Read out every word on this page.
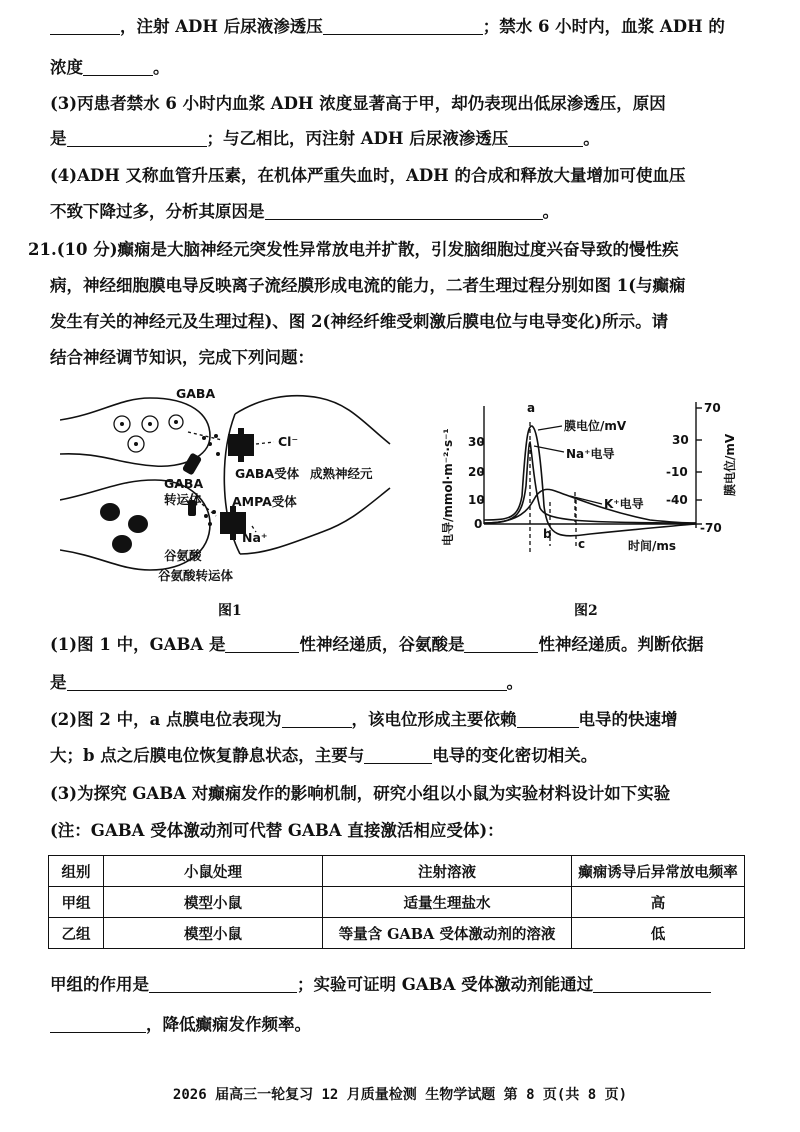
，注射 ADH 后尿液渗透压	；禁水 6 小时内，血浆 ADH 的
浓度	。
(3)丙患者禁水 6 小时内血浆 ADH 浓度显著高于甲，却仍表现出低尿渗透压，原因
是	；与乙相比，丙注射 ADH 后尿液渗透压	。
(4)ADH 又称血管升压素，在机体严重失血时，ADH 的合成和释放大量增加可使血压
不致下降过多，分析其原因是	。
21.(10 分)癫痫是大脑神经元突发性异常放电并扩散，引发脑细胞过度兴奋导致的慢性疾
病，神经细胞膜电导反映离子流经膜形成电流的能力，二者生理过程分别如图 1(与癫痫
发生有关的神经元及生理过程)、图 2(神经纤维受刺激后膜电位与电导变化)所示。请
结合神经调节知识，完成下列问题：
GABA
Cl⁻
GABA受体 成熟神经元
GABA
转运体 AMPA受体
Na⁺
谷氨酸
谷氨酸转运体
图1
30
20
10
0
70
30
-10
-40
-70
a
b
c
膜电位/mV
Na⁺电导
K⁺电导
时间/ms
电导/mmol·m⁻²·s⁻¹	膜电位/mV
图2
(1)图 1 中，GABA 是	性神经递质，谷氨酸是	性神经递质。判断依据
是	。
(2)图 2 中，a 点膜电位表现为	，该电位形成主要依赖	电导的快速增
大；b 点之后膜电位恢复静息状态，主要与	电导的变化密切相关。
(3)为探究 GABA 对癫痫发作的影响机制，研究小组以小鼠为实验材料设计如下实验
(注：GABA 受体激动剂可代替 GABA 直接激活相应受体)：
组别	小鼠处理	注射溶液	癫痫诱导后异常放电频率
甲组	模型小鼠	适量生理盐水	高
乙组	模型小鼠	等量含 GABA 受体激动剂的溶液	低
甲组的作用是	；实验可证明 GABA 受体激动剂能通过
，降低癫痫发作频率。
2026 届高三一轮复习 12 月质量检测 生物学试题 第 8 页(共 8 页)
